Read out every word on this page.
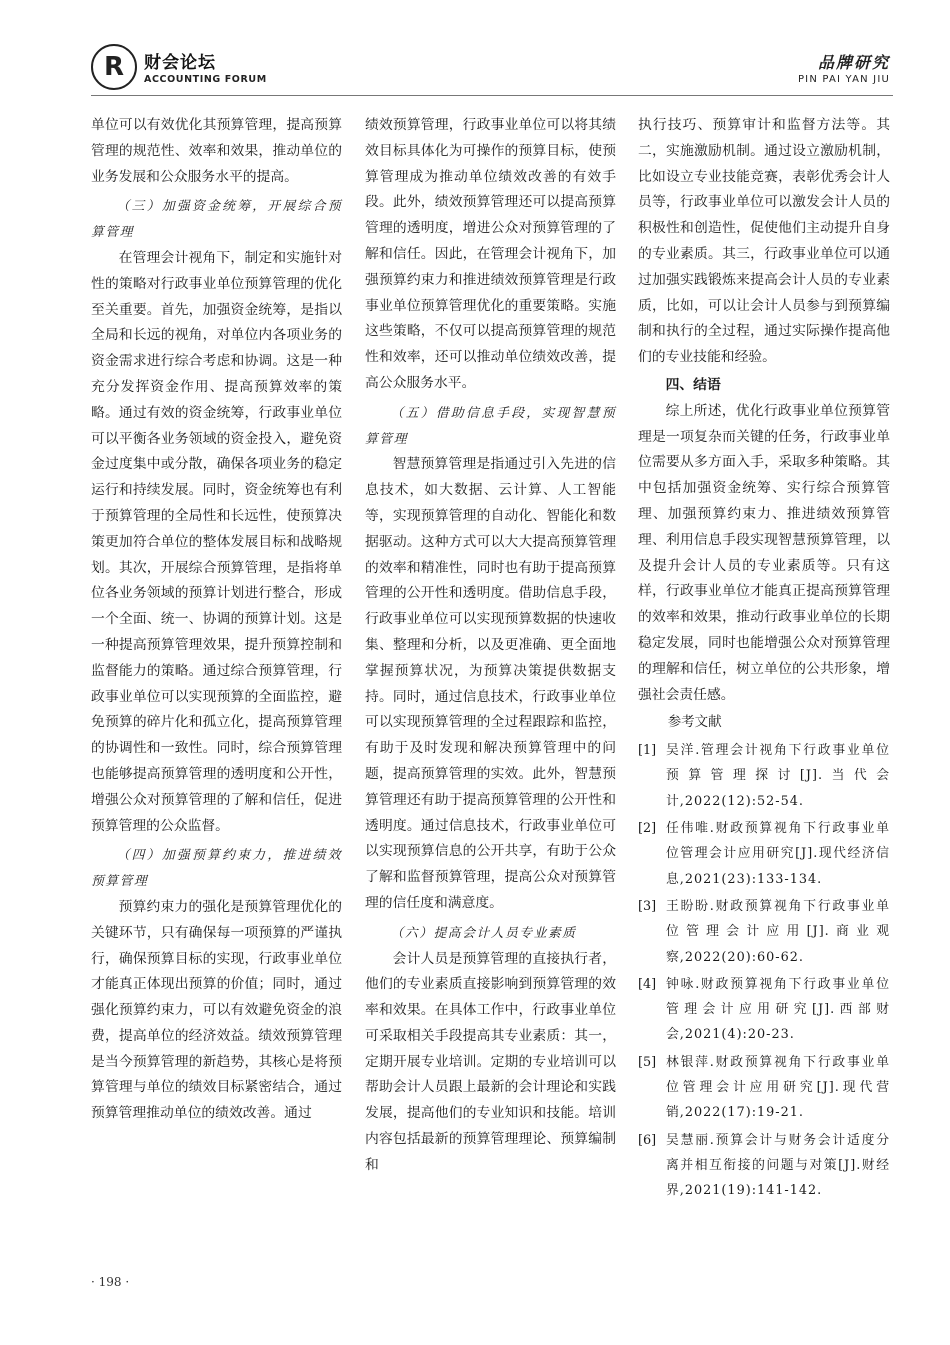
R	财会论坛
ACCOUNTING FORUM
品牌研究
PIN PAI YAN JIU

单位可以有效优化其预算管理，提高预算管理的规范性、效率和效果，推动单位的业务发展和公众服务水平的提高。

（三）加强资金统筹，开展综合预算管理

在管理会计视角下，制定和实施针对性的策略对行政事业单位预算管理的优化至关重要。首先，加强资金统筹，是指以全局和长远的视角，对单位内各项业务的资金需求进行综合考虑和协调。这是一种充分发挥资金作用、提高预算效率的策略。通过有效的资金统筹，行政事业单位可以平衡各业务领域的资金投入，避免资金过度集中或分散，确保各项业务的稳定运行和持续发展。同时，资金统筹也有利于预算管理的全局性和长远性，使预算决策更加符合单位的整体发展目标和战略规划。其次，开展综合预算管理，是指将单位各业务领域的预算计划进行整合，形成一个全面、统一、协调的预算计划。这是一种提高预算管理效果，提升预算控制和监督能力的策略。通过综合预算管理，行政事业单位可以实现预算的全面监控，避免预算的碎片化和孤立化，提高预算管理的协调性和一致性。同时，综合预算管理也能够提高预算管理的透明度和公开性，增强公众对预算管理的了解和信任，促进预算管理的公众监督。

（四）加强预算约束力，推进绩效预算管理

预算约束力的强化是预算管理优化的关键环节，只有确保每一项预算的严谨执行，确保预算目标的实现，行政事业单位才能真正体现出预算的价值；同时，通过强化预算约束力，可以有效避免资金的浪费，提高单位的经济效益。绩效预算管理是当今预算管理的新趋势，其核心是将预算管理与单位的绩效目标紧密结合，通过预算管理推动单位的绩效改善。通过

绩效预算管理，行政事业单位可以将其绩效目标具体化为可操作的预算目标，使预算管理成为推动单位绩效改善的有效手段。此外，绩效预算管理还可以提高预算管理的透明度，增进公众对预算管理的了解和信任。因此，在管理会计视角下，加强预算约束力和推进绩效预算管理是行政事业单位预算管理优化的重要策略。实施这些策略，不仅可以提高预算管理的规范性和效率，还可以推动单位绩效改善，提高公众服务水平。

（五）借助信息手段，实现智慧预算管理

智慧预算管理是指通过引入先进的信息技术，如大数据、云计算、人工智能等，实现预算管理的自动化、智能化和数据驱动。这种方式可以大大提高预算管理的效率和精准性，同时也有助于提高预算管理的公开性和透明度。借助信息手段，行政事业单位可以实现预算数据的快速收集、整理和分析，以及更准确、更全面地掌握预算状况，为预算决策提供数据支持。同时，通过信息技术，行政事业单位可以实现预算管理的全过程跟踪和监控，有助于及时发现和解决预算管理中的问题，提高预算管理的实效。此外，智慧预算管理还有助于提高预算管理的公开性和透明度。通过信息技术，行政事业单位可以实现预算信息的公开共享，有助于公众了解和监督预算管理，提高公众对预算管理的信任度和满意度。

（六）提高会计人员专业素质

会计人员是预算管理的直接执行者，他们的专业素质直接影响到预算管理的效率和效果。在具体工作中，行政事业单位可采取相关手段提高其专业素质：其一，定期开展专业培训。定期的专业培训可以帮助会计人员跟上最新的会计理论和实践发展，提高他们的专业知识和技能。培训内容包括最新的预算管理理论、预算编制和

执行技巧、预算审计和监督方法等。其二，实施激励机制。通过设立激励机制，比如设立专业技能竞赛，表彰优秀会计人员等，行政事业单位可以激发会计人员的积极性和创造性，促使他们主动提升自身的专业素质。其三，行政事业单位可以通过加强实践锻炼来提高会计人员的专业素质，比如，可以让会计人员参与到预算编制和执行的全过程，通过实际操作提高他们的专业技能和经验。

四、结语

综上所述，优化行政事业单位预算管理是一项复杂而关键的任务，行政事业单位需要从多方面入手，采取多种策略。其中包括加强资金统筹、实行综合预算管理、加强预算约束力、推进绩效预算管理、利用信息手段实现智慧预算管理，以及提升会计人员的专业素质等。只有这样，行政事业单位才能真正提高预算管理的效率和效果，推动行政事业单位的长期稳定发展，同时也能增强公众对预算管理的理解和信任，树立单位的公共形象，增强社会责任感。

参考文献

[1] 吴洋.管理会计视角下行政事业单位预算管理探讨[J].当代会计,2022(12):52-54.
[2] 任伟唯.财政预算视角下行政事业单位管理会计应用研究[J].现代经济信息,2021(23):133-134.
[3] 王盼盼.财政预算视角下行政事业单位管理会计应用[J].商业观察,2022(20):60-62.
[4] 钟咏.财政预算视角下行政事业单位管理会计应用研究[J].西部财会,2021(4):20-23.
[5] 林银萍.财政预算视角下行政事业单位管理会计应用研究[J].现代营销,2022(17):19-21.
[6] 吴慧丽.预算会计与财务会计适度分离并相互衔接的问题与对策[J].财经界,2021(19):141-142.
· 198 ·
